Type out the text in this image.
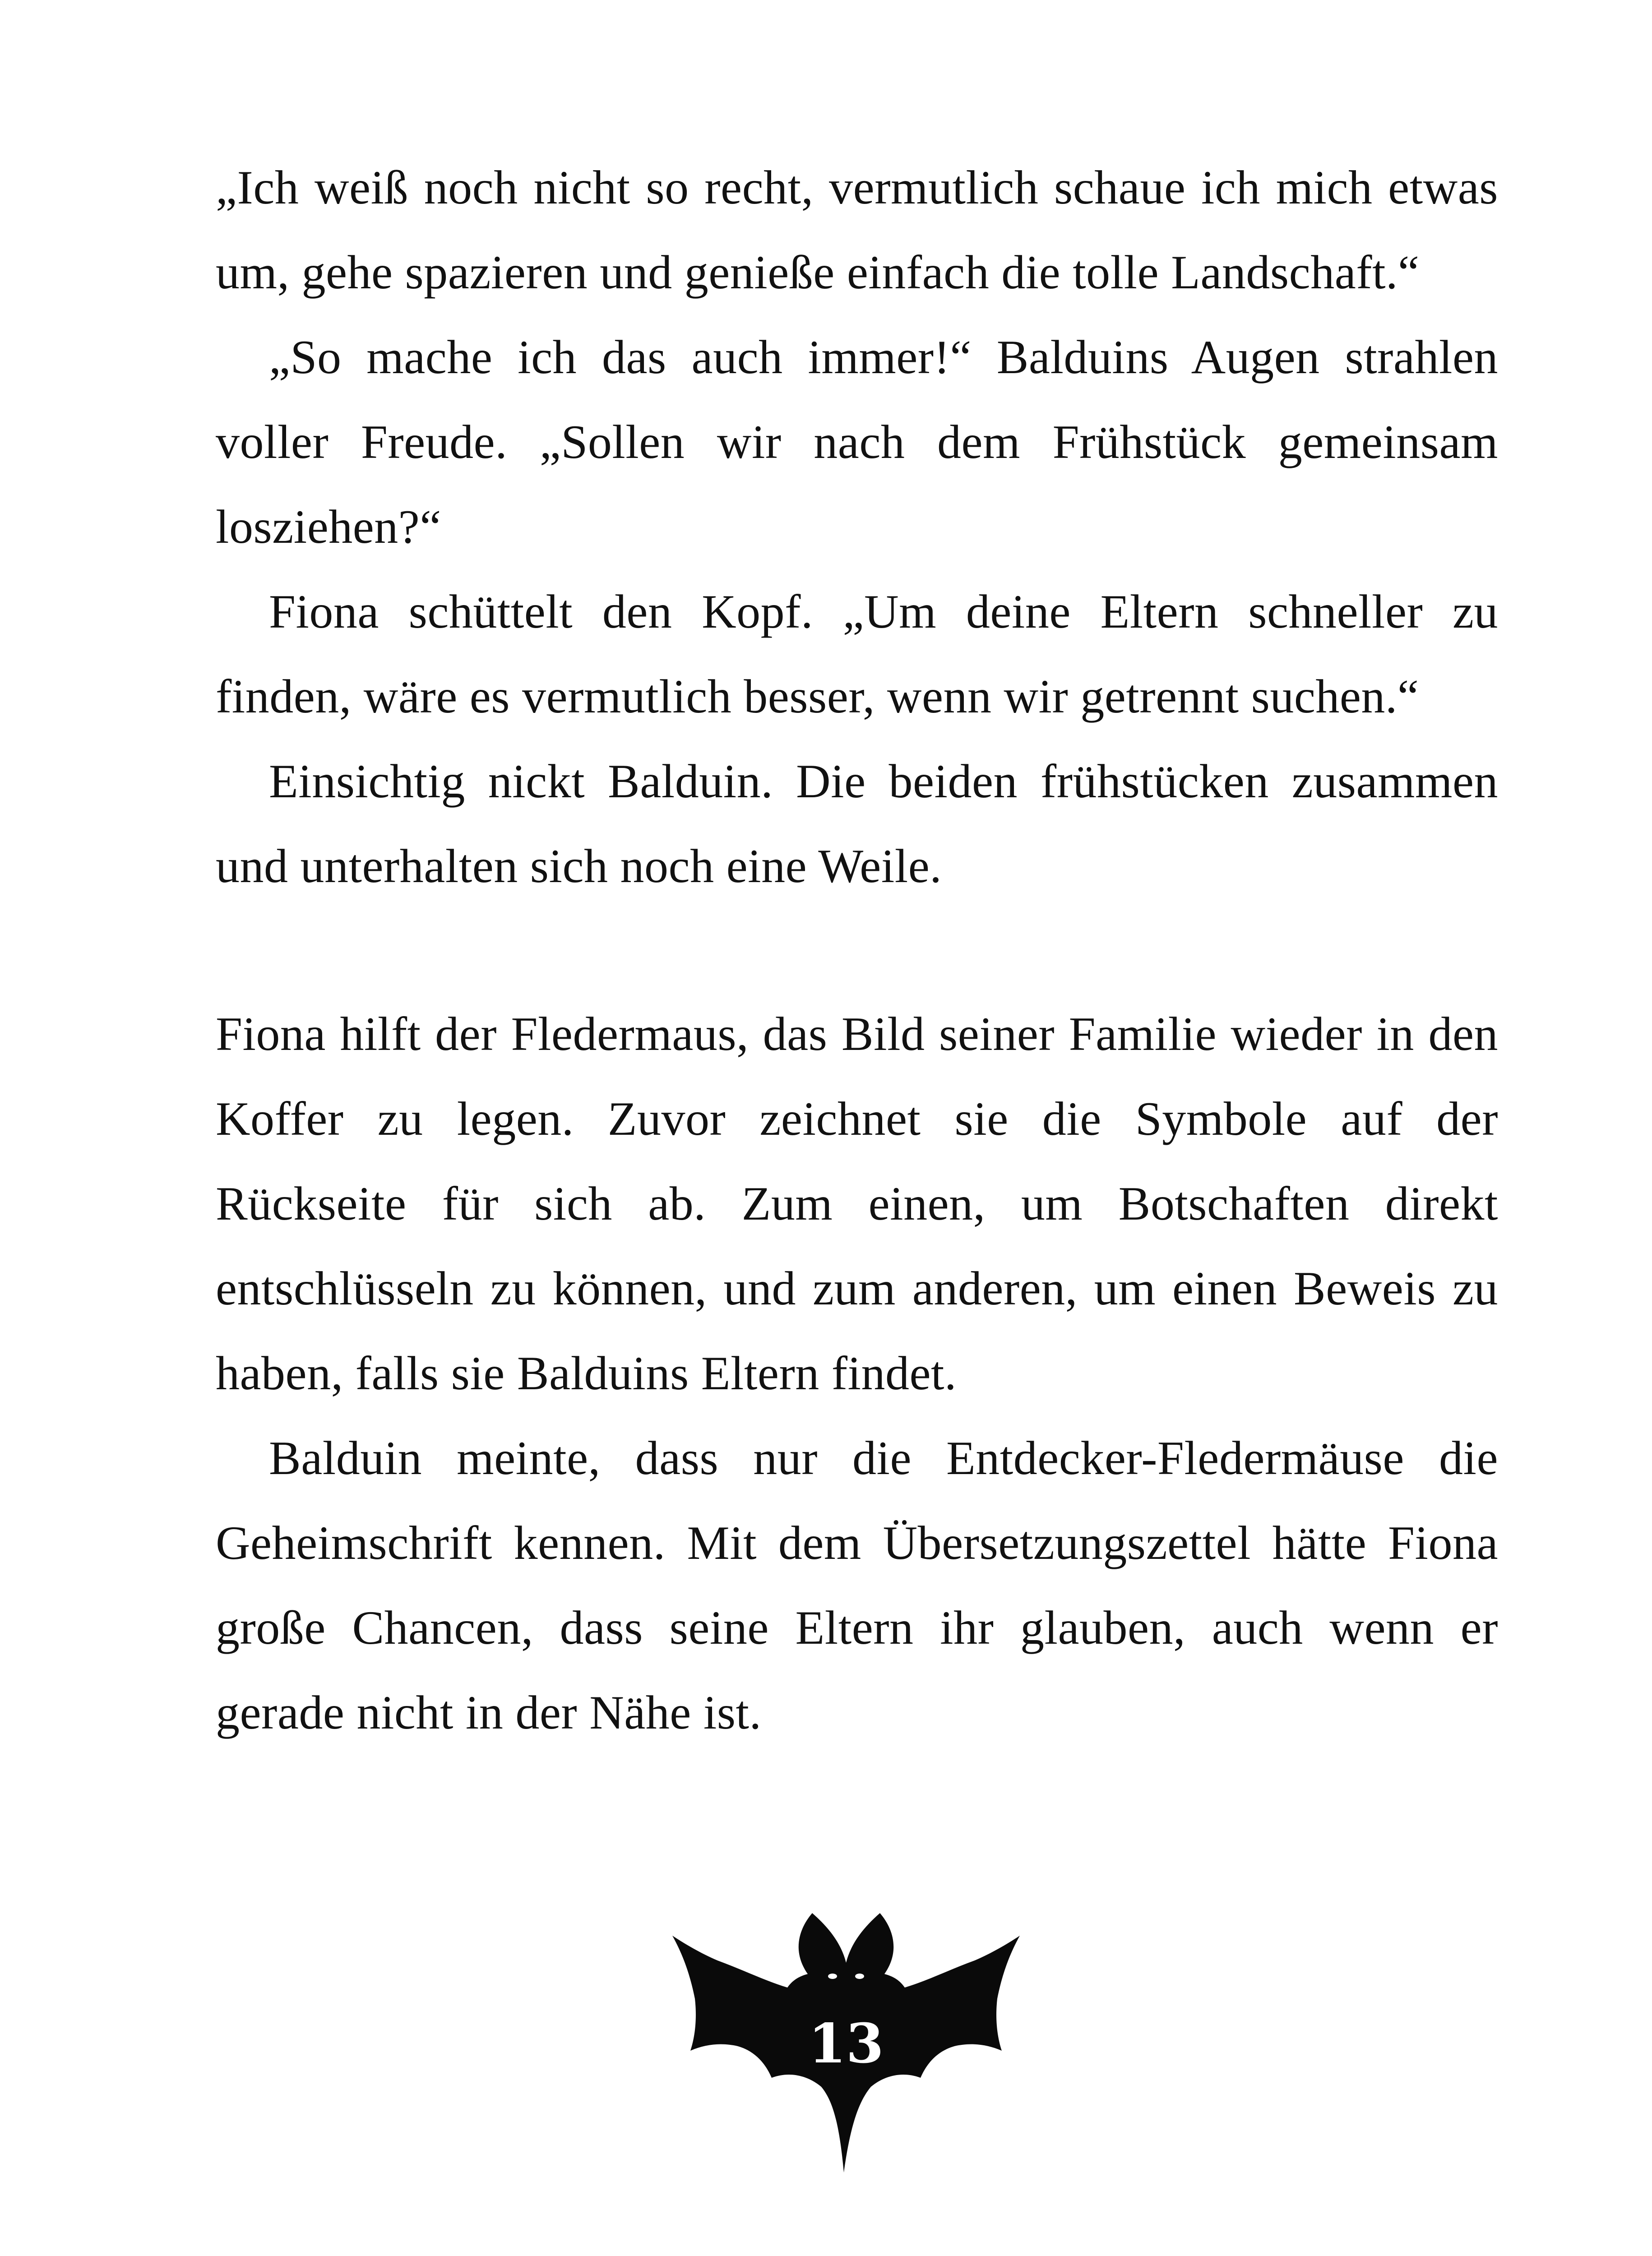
„Ich weiß noch nicht so recht, vermutlich schaue ich mich etwas um, gehe spazieren und genieße einfach die tolle Landschaft.“

„So mache ich das auch immer!“ Balduins Augen strahlen voller Freude. „Sollen wir nach dem Frühstück gemeinsam losziehen?“

Fiona schüttelt den Kopf. „Um deine Eltern schneller zu finden, wäre es vermutlich besser, wenn wir getrennt suchen.“

Einsichtig nickt Balduin. Die beiden frühstücken zusammen und unterhalten sich noch eine Weile.

Fiona hilft der Fledermaus, das Bild seiner Familie wieder in den Koffer zu legen. Zuvor zeichnet sie die Symbole auf der Rückseite für sich ab. Zum einen, um Botschaften direkt entschlüsseln zu können, und zum anderen, um einen Beweis zu haben, falls sie Balduins Eltern findet.

Balduin meinte, dass nur die Entdecker-Fledermäuse die Geheimschrift kennen. Mit dem Übersetzungszettel hätte Fiona große Chancen, dass seine Eltern ihr glauben, auch wenn er gerade nicht in der Nähe ist.

13
